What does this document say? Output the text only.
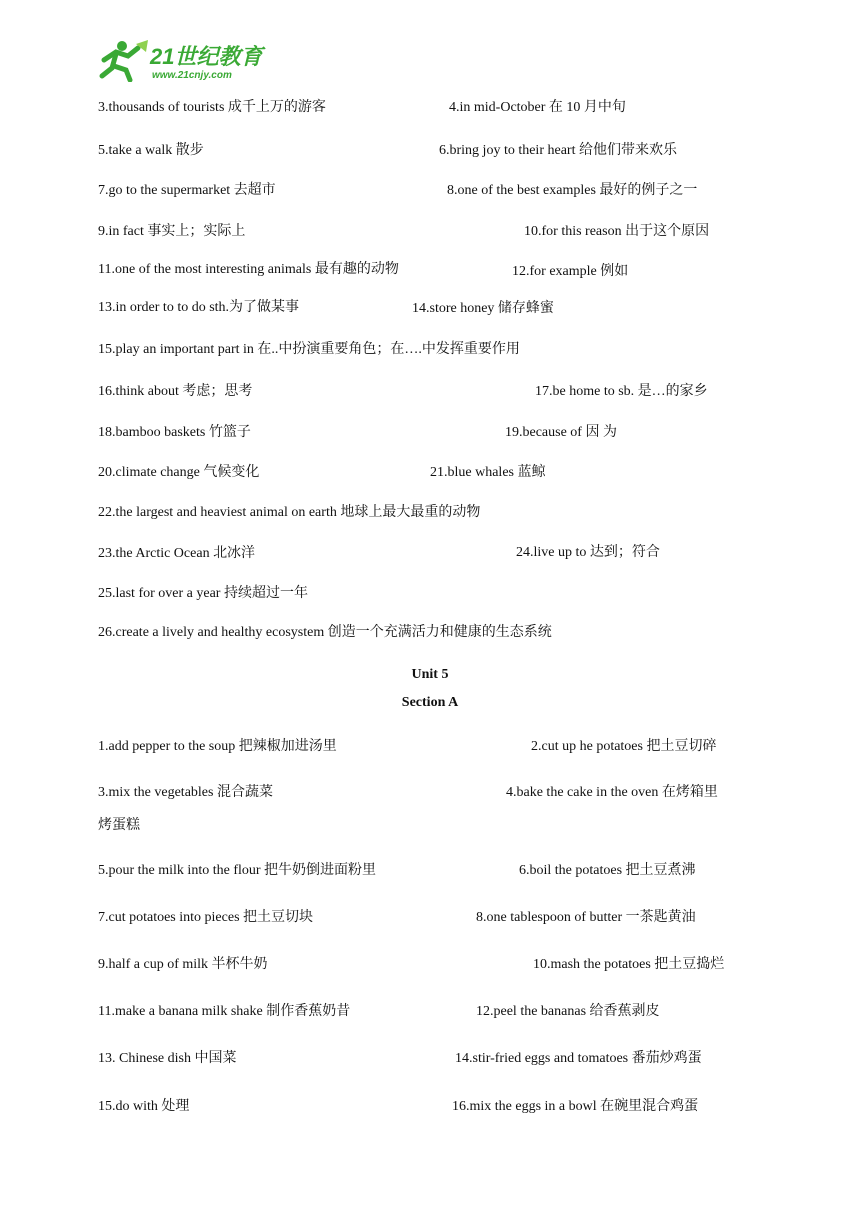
21世纪教育
www.21cnjy.com
3.thousands of tourists 成千上万的游客	4.in mid-October 在 10 月中旬
5.take a walk 散步	6.bring joy to their heart 给他们带来欢乐
7.go to the supermarket 去超市	8.one of the best examples 最好的例子之一
9.in fact 事实上；实际上	10.for this reason 出于这个原因
11.one of the most interesting animals 最有趣的动物	12.for example 例如
13.in order to to do sth.为了做某事	14.store honey 储存蜂蜜
15.play an important part in 在..中扮演重要角色；在….中发挥重要作用
16.think about 考虑；思考	17.be home to sb. 是…的家乡
18.bamboo baskets 竹篮子	19.because of 因 为
20.climate change 气候变化	21.blue whales 蓝鲸
22.the largest and heaviest animal on earth 地球上最大最重的动物
23.the Arctic Ocean 北冰洋	24.live up to 达到；符合
25.last for over a year 持续超过一年
26.create a lively and healthy ecosystem 创造一个充满活力和健康的生态系统
Unit 5
Section A
1.add pepper to the soup 把辣椒加进汤里	2.cut up he potatoes 把土豆切碎
3.mix the vegetables 混合蔬菜	4.bake the cake in the oven 在烤箱里
烤蛋糕
5.pour the milk into the flour 把牛奶倒进面粉里	6.boil the potatoes 把土豆煮沸
7.cut potatoes into pieces 把土豆切块	8.one tablespoon of butter 一茶匙黄油
9.half a cup of milk 半杯牛奶	10.mash the potatoes 把土豆捣烂
11.make a banana milk shake 制作香蕉奶昔	12.peel the bananas 给香蕉剥皮
13. Chinese dish 中国菜	14.stir-fried eggs and tomatoes 番茄炒鸡蛋
15.do with 处理	16.mix the eggs in a bowl 在碗里混合鸡蛋
